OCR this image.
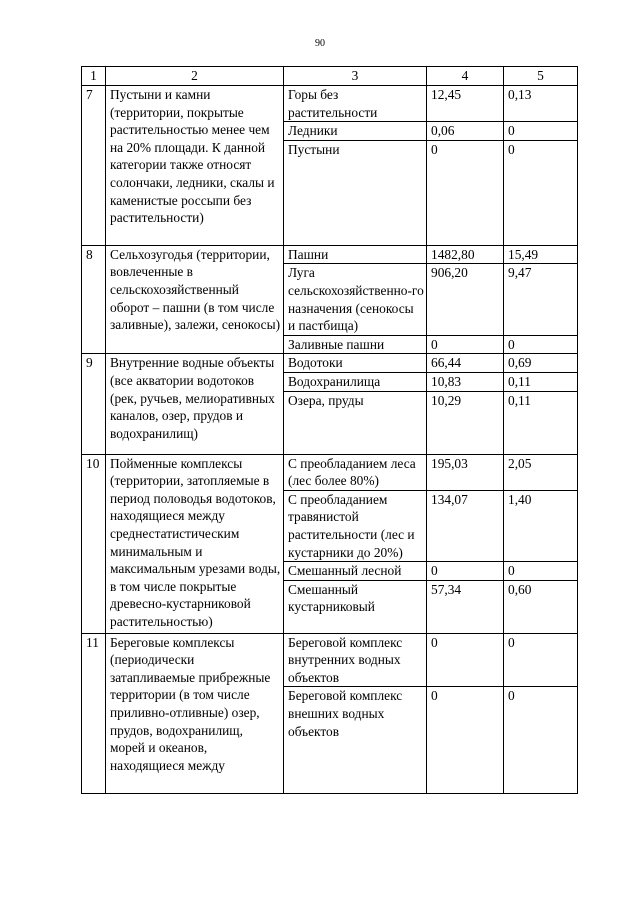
90
1	2	3	4	5
7	Пустыни и камни (территории, покрытые растительностью менее чем на 20% площади. К данной категории также относят солончаки, ледники, скалы и каменистые россыпи без растительности)	Горы без растительности	12,45	0,13
		Ледники	0,06	0
		Пустыни	0	0
8	Сельхозугодья (территории, вовлеченные в сельскохозяйственный оборот – пашни (в том числе заливные), залежи, сенокосы)	Пашни	1482,80	15,49
		Луга сельскохозяйственно-го назначения (сенокосы и пастбища)	906,20	9,47
		Заливные пашни	0	0
9	Внутренние водные объекты (все акватории водотоков (рек, ручьев, мелиоративных каналов, озер, прудов и водохранилищ)	Водотоки	66,44	0,69
		Водохранилища	10,83	0,11
		Озера, пруды	10,29	0,11
10	Пойменные комплексы (территории, затопляемые в период половодья водотоков, находящиеся между среднестатистическим минимальным и максимальным урезами воды, в том числе покрытые древесно-кустарниковой растительностью)	С преобладанием леса (лес более 80%)	195,03	2,05
		С преобладанием травянистой растительности (лес и кустарники до 20%)	134,07	1,40
		Смешанный лесной	0	0
		Смешанный кустарниковый	57,34	0,60
11	Береговые комплексы (периодически затапливаемые прибрежные территории (в том числе приливно-отливные) озер, прудов, водохранилищ, морей и океанов, находящиеся между	Береговой комплекс внутренних водных объектов	0	0
		Береговой комплекс внешних водных объектов	0	0
